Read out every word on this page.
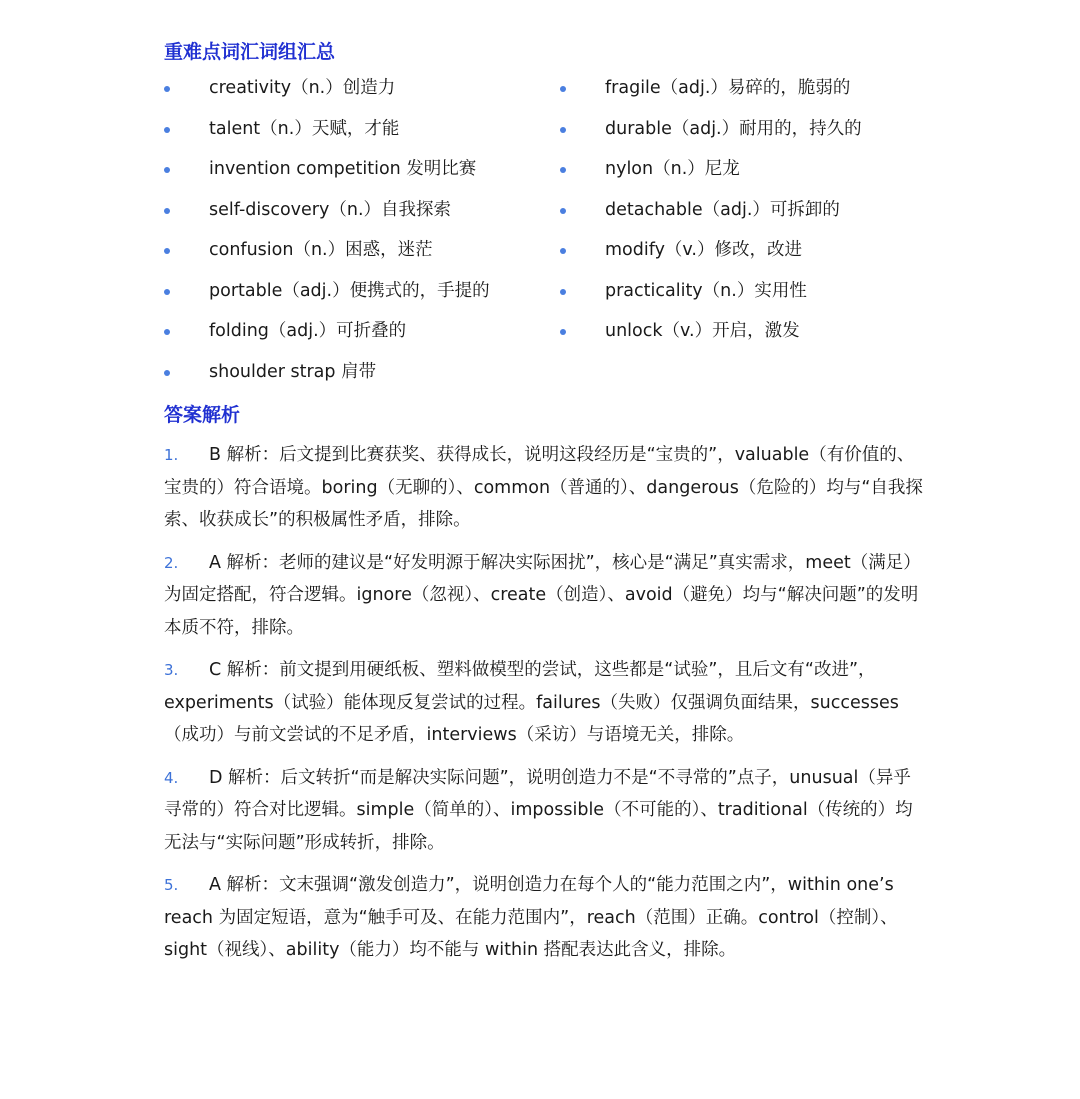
重难点词汇词组汇总
creativity（n.）创造力
talent（n.）天赋，才能
invention competition 发明比赛
self-discovery（n.）自我探索
confusion（n.）困惑，迷茫
portable（adj.）便携式的，手提的
folding（adj.）可折叠的
shoulder strap 肩带
fragile（adj.）易碎的，脆弱的
durable（adj.）耐用的，持久的
nylon（n.）尼龙
detachable（adj.）可拆卸的
modify（v.）修改，改进
practicality（n.）实用性
unlock（v.）开启，激发
答案解析
1. B 解析：后文提到比赛获奖、获得成长，说明这段经历是“宝贵的”，valuable（有价值的、宝贵的）符合语境。boring（无聊的）、common（普通的）、dangerous（危险的）均与“自我探索、收获成长”的积极属性矛盾，排除。
2. A 解析：老师的建议是“好发明源于解决实际困扰”，核心是“满足”真实需求，meet（满足）为固定搭配，符合逻辑。ignore（忽视）、create（创造）、avoid（避免）均与“解决问题”的发明本质不符，排除。
3. C 解析：前文提到用硬纸板、塑料做模型的尝试，这些都是“试验”，且后文有“改进”，experiments（试验）能体现反复尝试的过程。failures（失败）仅强调负面结果，successes（成功）与前文尝试的不足矛盾，interviews（采访）与语境无关，排除。
4. D 解析：后文转折“而是解决实际问题”，说明创造力不是“不寻常的”点子，unusual（异乎寻常的）符合对比逻辑。simple（简单的）、impossible（不可能的）、traditional（传统的）均无法与“实际问题”形成转折，排除。
5. A 解析：文末强调“激发创造力”，说明创造力在每个人的“能力范围之内”，within one’s reach 为固定短语，意为“触手可及、在能力范围内”，reach（范围）正确。control（控制）、sight（视线）、ability（能力）均不能与 within 搭配表达此含义，排除。
